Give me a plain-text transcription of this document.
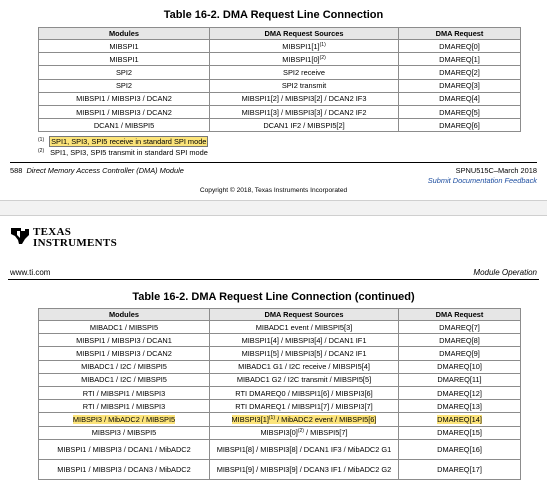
Table 16-2. DMA Request Line Connection
Modules	DMA Request Sources	DMA Request
MIBSPI1	$MIBSPI1[1]^{(1)}$	DMAREQ[0]
MIBSPI1	$MIBSPI1[0]^{(2)}$	DMAREQ[1]
SPI2	SPI2 receive	DMAREQ[2]
SPI2	SPI2 transmit	DMAREQ[3]
MIBSPI1 / MIBSPI3 / DCAN2	MIBSPI1[2] / MIBSPI3[2] / DCAN2 IF3	DMAREQ[4]
MIBSPI1 / MIBSPI3 / DCAN2	MIBSPI1[3] / MIBSPI3[3] / DCAN2 IF2	DMAREQ[5]
DCAN1 / MIBSPI5	DCAN1 IF2 / MIBSPI5[2]	DMAREQ[6]
$^{(1)}$ SPI1, SPI3, SPI5 receive in standard SPI mode
$^{(2)}$ SPI1, SPI3, SPI5 transmit in standard SPI mode
588 Direct Memory Access Controller (DMA) Module	SPNU515C–March 2018
Submit Documentation Feedback
Copyright © 2018, Texas Instruments Incorporated
TEXAS
INSTRUMENTS
www.ti.com	Module Operation
Table 16-2. DMA Request Line Connection (continued)
Modules	DMA Request Sources	DMA Request
MIBADC1 / MIBSPI5	MIBADC1 event / MIBSPI5[3]	DMAREQ[7]
MIBSPI1 / MIBSPI3 / DCAN1	MIBSPI1[4] / MIBSPI3[4] / DCAN1 IF1	DMAREQ[8]
MIBSPI1 / MIBSPI3 / DCAN2	MIBSPI1[5] / MIBSPI3[5] / DCAN2 IF1	DMAREQ[9]
MIBADC1 / I2C / MIBSPI5	MIBADC1 G1 / I2C receive / MIBSPI5[4]	DMAREQ[10]
MIBADC1 / I2C / MIBSPI5	MIBADC1 G2 / I2C transmit / MIBSPI5[5]	DMAREQ[11]
RTI / MIBSPI1 / MIBSPI3	RTI DMAREQ0 / MIBSPI1[6] / MIBSPI3[6]	DMAREQ[12]
RTI / MIBSPI1 / MIBSPI3	RTI DMAREQ1 / MIBSPI1[7] / MIBSPI3[7]	DMAREQ[13]
MIBSPI3 / MibADC2 / MIBSPI5	$MIBSPI3[1]^{(1)}$ / MibADC2 event / MIBSPI5[6]	DMAREQ[14]
MIBSPI3 / MIBSPI5	$MIBSPI3[0]^{(2)}$ / MIBSPI5[7]	DMAREQ[15]
MIBSPI1 / MIBSPI3 / DCAN1 / MibADC2	MIBSPI1[8] / MIBSPI3[8] / DCAN1 IF3 / MibADC2 G1	DMAREQ[16]
MIBSPI1 / MIBSPI3 / DCAN3 / MibADC2	MIBSPI1[9] / MIBSPI3[9] / DCAN3 IF1 / MibADC2 G2	DMAREQ[17]
